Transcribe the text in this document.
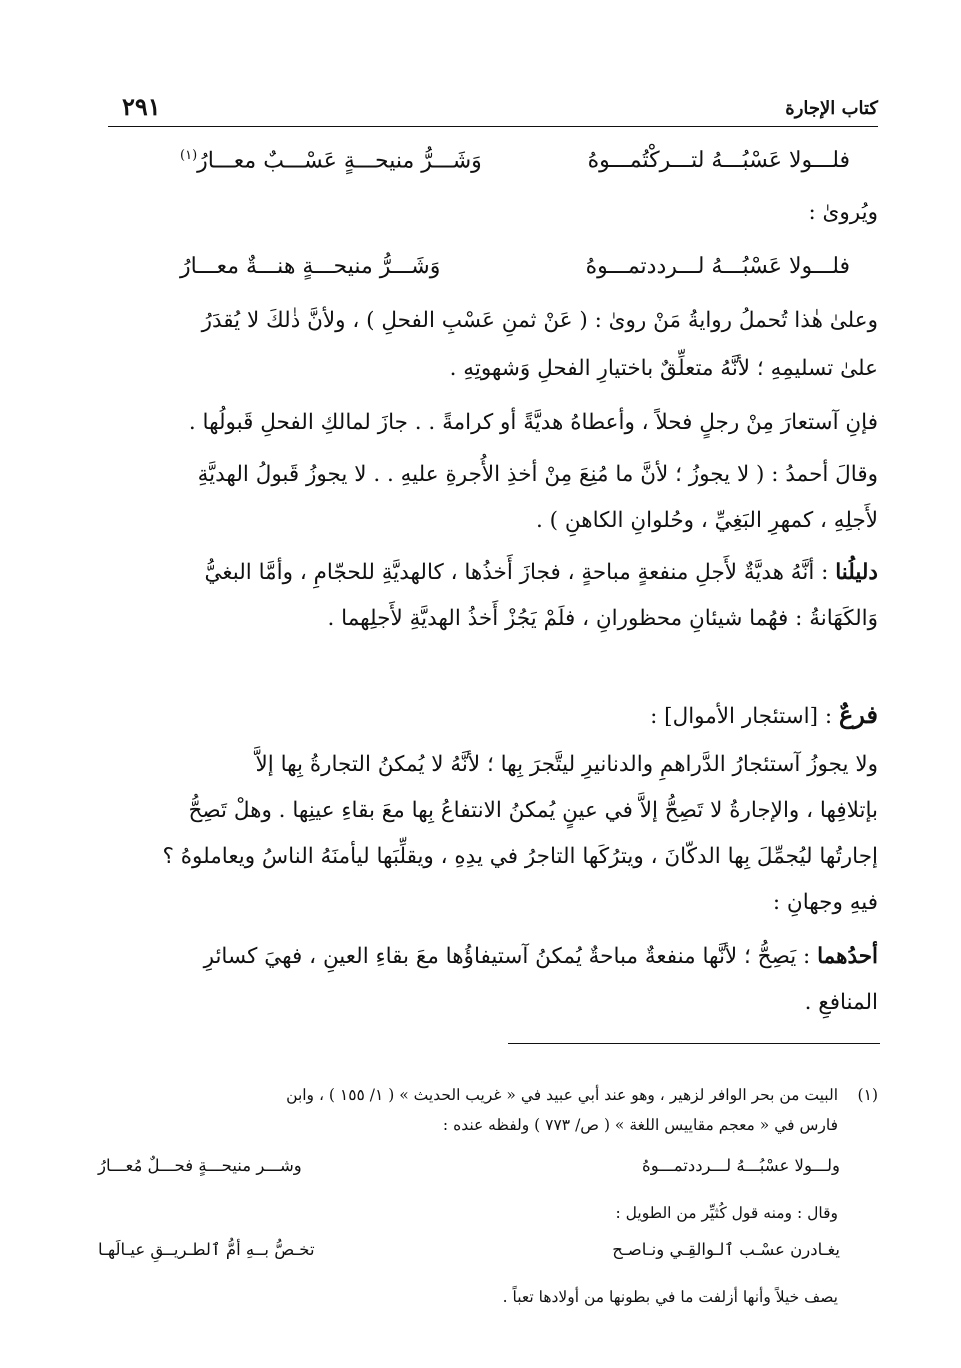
كتاب الإجارة
٢٩١
فلـــولا عَسْبُـــهُ لتـــركْتُمـــوهُ
وَشَـــرُّ منيحـــةٍ عَسْـــبٌ معـــارُ$^{(١)}$
ويُروىٰ :
فلـــولا عَسْبُـــهُ لـــرددتمـــوهُ
وَشَـــرُّ منيحـــةٍ هنـــةٌ معـــارُ
وعلىٰ هٰذا تُحملُ روايةُ مَنْ روىٰ : ( عَنْ ثمنِ عَسْبِ الفحلِ ) ، ولأنَّ ذٰلكَ لا يُقدَرُ
علىٰ تسليمِهِ ؛ لأنَّهُ متعلِّقٌ باختيارِ الفحلِ وَشهوتِهِ .
فإنِ آستعارَ مِنْ رجلٍ فحلاً ، وأعطاهُ هديَّةً أو كرامةً . . جازَ لمالكِ الفحلِ قَبولُها .
وقالَ أحمدُ : ( لا يجوزُ ؛ لأنَّ ما مُنِعَ مِنْ أخذِ الأُجرةِ عليهِ . . لا يجوزُ قَبولُ الهديَّةِ
لأَجلِهِ ، كمهرِ البَغِيِّ ، وحُلوانِ الكاهنِ ) .
دليلُنا : أنَّهُ هديَّةٌ لأَجلِ منفعةٍ مباحةٍ ، فجازَ أَخذُها ، كالهديَّةِ للحجّامِ ، وأمَّا البغيُّ
وَالكَهَانةُ : فهُما شيئانِ محظورانِ ، فلَمْ يَجُزْ أَخذُ الهديَّةِ لأَجلِهما .
فرعٌ : [استئجار الأموال] :
ولا يجوزُ آستئجارُ الدَّراهمِ والدنانيرِ ليتَّجرَ بِها ؛ لأنَّهُ لا يُمكنُ التجارةُ بِها إلاَّ
بإتلافِها ، والإجارةُ لا تَصِحُّ إلاَّ في عينٍ يُمكنُ الانتفاعُ بِها معَ بقاءِ عينِها . وهلْ تَصِحُّ
إجارتُها ليُجمِّلَ بِها الدكّانَ ، ويترُكَها التاجرُ في يدِهِ ، ويقلِّبَها ليأمنَهُ الناسُ ويعاملوهُ ؟
فيهِ وجهانِ :
أحدُهما : يَصِحُّ ؛ لأنَّها منفعةٌ مباحةٌ يُمكنُ آستيفاؤُها معَ بقاءِ العينِ ، فهيَ كسائرِ
المنافعِ .
(١)
البيت من بحر الوافر لزهير ، وهو عند أبي عبيد في « غريب الحديث » ( ١/ ١٥٥ ) ، وابن
فارس في « معجم مقاييس اللغة » ( ص/ ٧٧٣ ) ولفظه عنده :
ولـــولا عسْبُـــهُ لـــرددتمـــوهُ
وشـــر منيحـــةٍ فحـــلٌ مُعـــارُ
وقال : ومنه قول كُثيِّر من الطويل :
يغـادرن عسْـب ٱلـوالقِـي ونـاصـح
تخـصُّ بــهِ أمُّ ٱلطـريــقِ عيـالَهـا
يصف خيلاً وأنها أزلفت ما في بطونها من أولادها تعباً .
